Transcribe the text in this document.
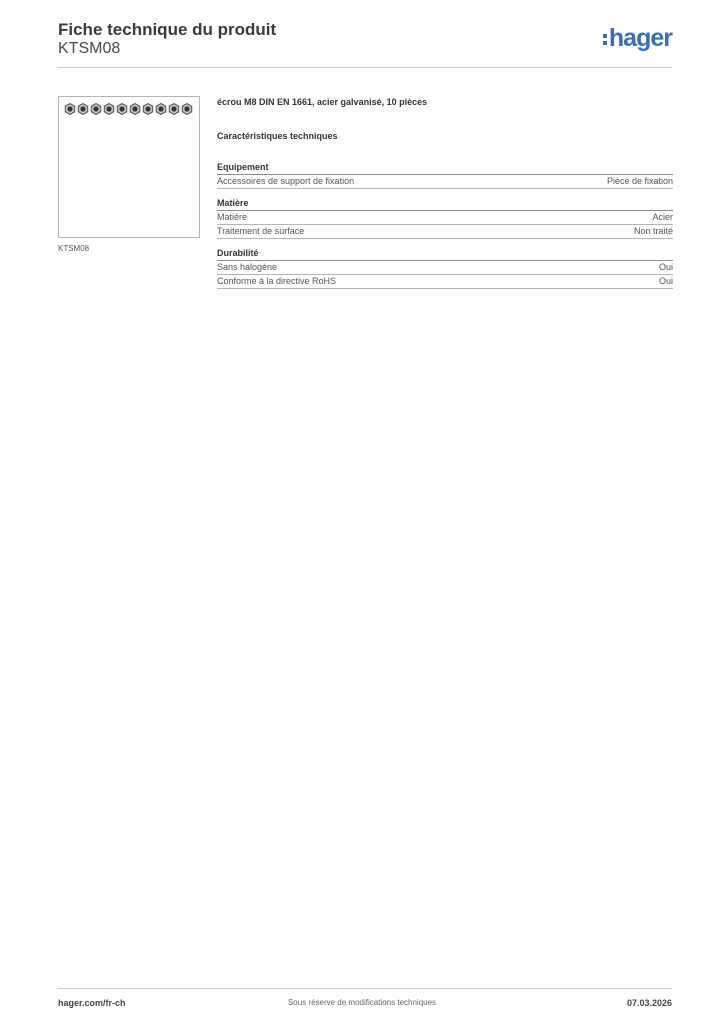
Fiche technique du produit
KTSM08	hager
KTSM08

écrou M8 DIN EN 1661, acier galvanisé, 10 pièces

Caractéristiques techniques
Equipement
Accessoires de support de fixation	Pièce de fixation
Matière
Matière	Acier
Traitement de surface	Non traité
Durabilité
Sans halogène	Oui
Conforme à la directive RoHS	Oui
hager.com/fr-ch	Sous réserve de modifications techniques	07.03.2026
